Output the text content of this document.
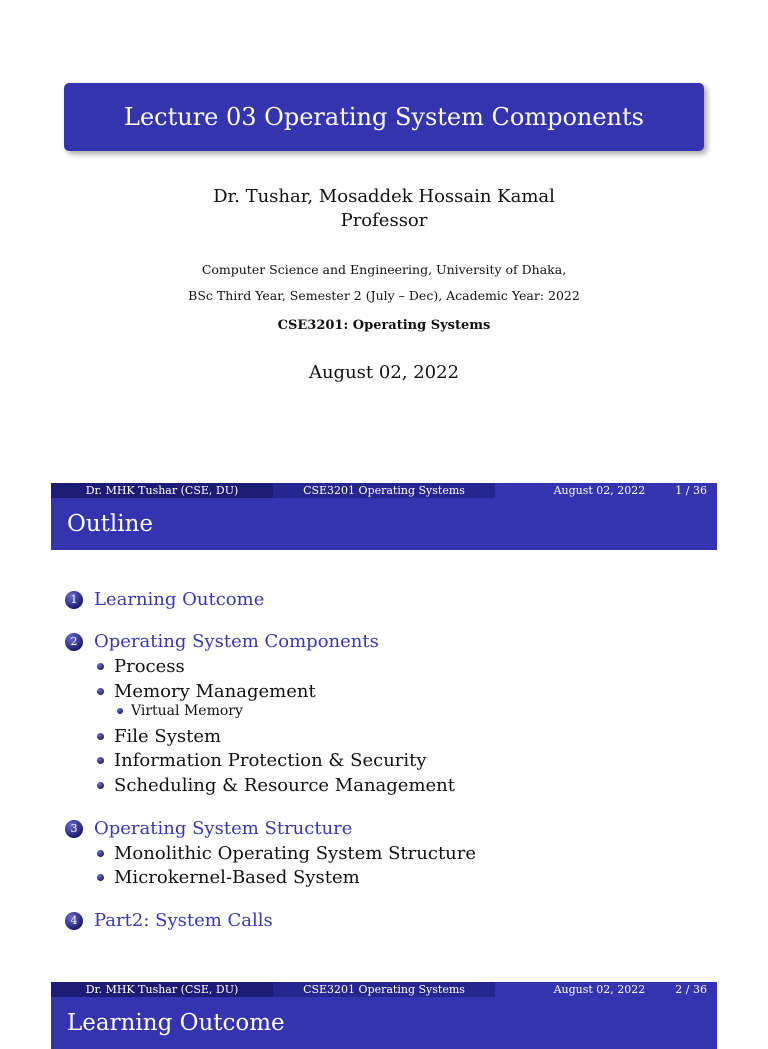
Lecture 03 Operating System Components
Dr. Tushar, Mosaddek Hossain Kamal
Professor
Computer Science and Engineering, University of Dhaka,
BSc Third Year, Semester 2 (July – Dec), Academic Year: 2022
CSE3201: Operating Systems
August 02, 2022
Dr. MHK Tushar (CSE, DU)	CSE3201 Operating Systems	August 02, 2022	1 / 36
Outline
1 Learning Outcome
2 Operating System Components
Process
Memory Management
Virtual Memory
File System
Information Protection & Security
Scheduling & Resource Management
3 Operating System Structure
Monolithic Operating System Structure
Microkernel-Based System
4 Part2: System Calls
Dr. MHK Tushar (CSE, DU)	CSE3201 Operating Systems	August 02, 2022	2 / 36
Learning Outcome
